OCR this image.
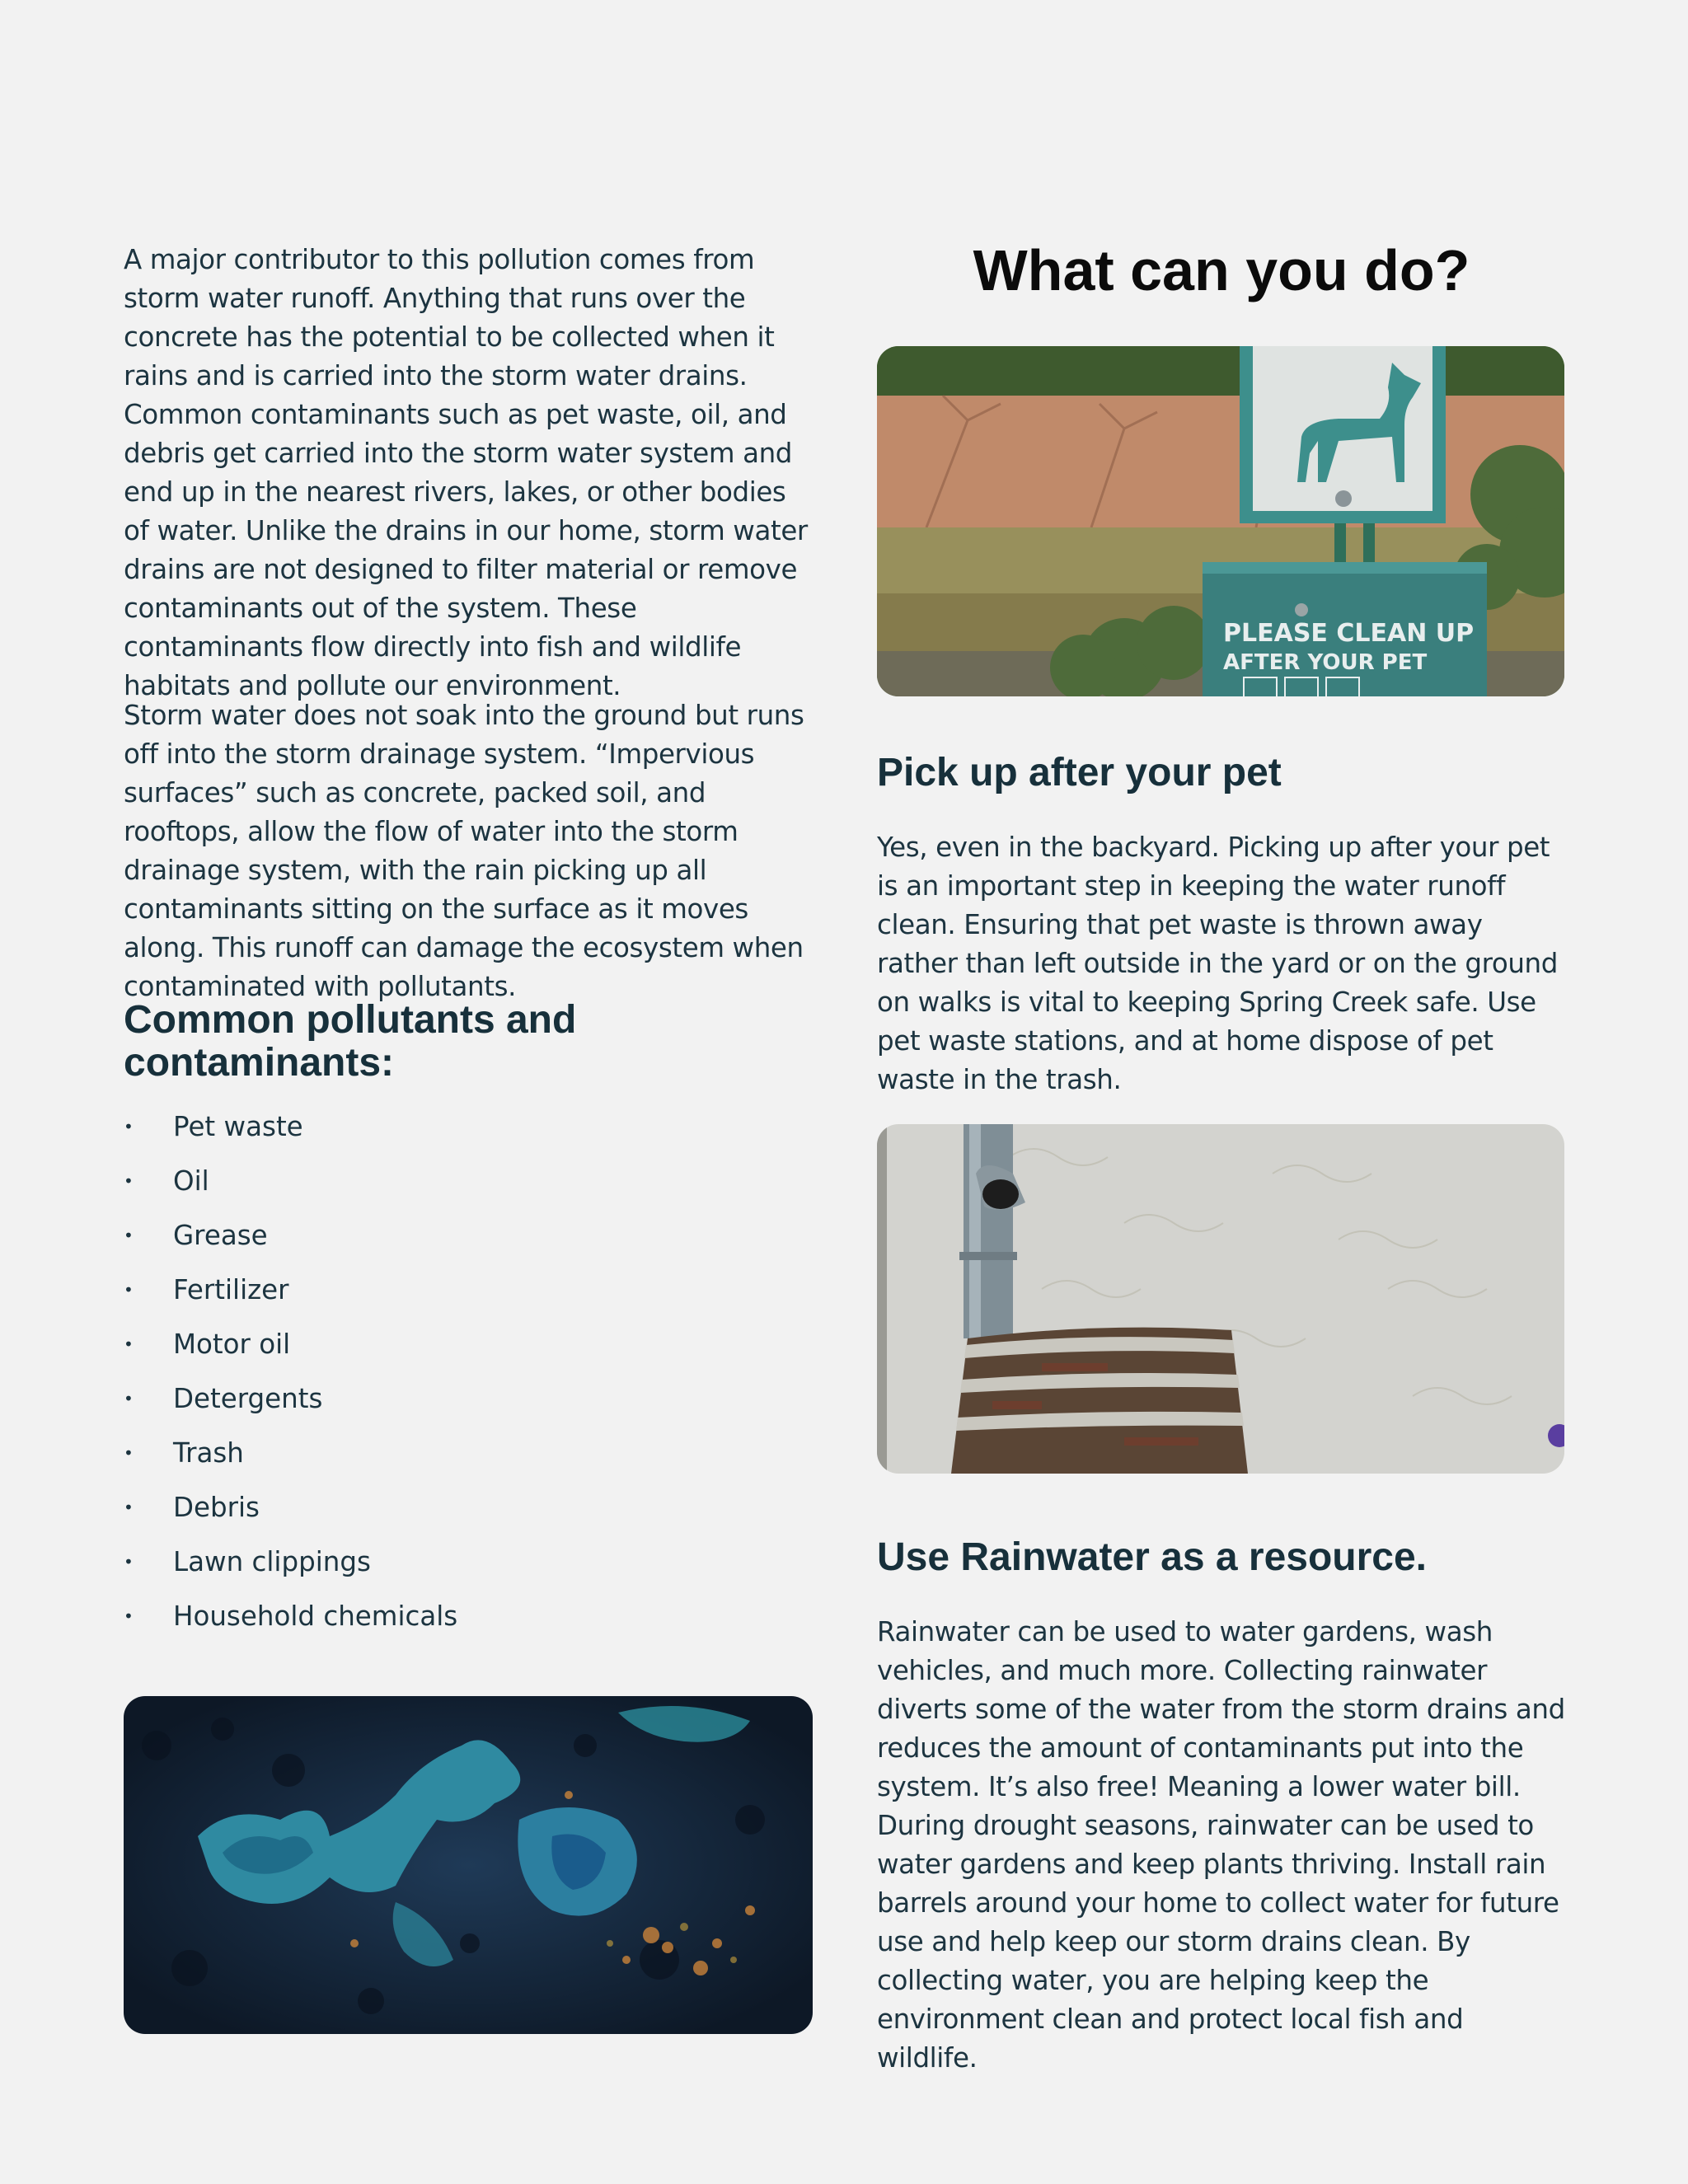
A major contributor to this pollution comes from storm water runoff. Anything that runs over the concrete has the potential to be collected when it rains and is carried into the storm water drains. Common contaminants such as pet waste, oil, and debris get carried into the storm water system and end up in the nearest rivers, lakes, or other bodies of water. Unlike the drains in our home, storm water drains are not designed to filter material or remove contaminants out of the system. These contaminants flow directly into fish and wildlife habitats and pollute our environment.

Storm water does not soak into the ground but runs off into the storm drainage system. “Impervious surfaces” such as concrete, packed soil, and rooftops, allow the flow of water into the storm drainage system, with the rain picking up all contaminants sitting on the surface as it moves along. This runoff can damage the ecosystem when contaminated with pollutants.

Common pollutants and contaminants:
•	Pet waste
•	Oil
•	Grease
•	Fertilizer
•	Motor oil
•	Detergents
•	Trash
•	Debris
•	Lawn clippings
•	Household chemicals
What can you do?
PLEASE CLEAN UP
AFTER YOUR PET
Pick up after your pet

Yes, even in the backyard. Picking up after your pet is an important step in keeping the water runoff clean. Ensuring that pet waste is thrown away rather than left outside in the yard or on the ground on walks is vital to keeping Spring Creek safe. Use pet waste stations, and at home dispose of pet waste in the trash.

Use Rainwater as a resource.

Rainwater can be used to water gardens, wash vehicles, and much more. Collecting rainwater diverts some of the water from the storm drains and reduces the amount of contaminants put into the system. It’s also free! Meaning a lower water bill. During drought seasons, rainwater can be used to water gardens and keep plants thriving. Install rain barrels around your home to collect water for future use and help keep our storm drains clean. By collecting water, you are helping keep the environment clean and protect local fish and wildlife.
